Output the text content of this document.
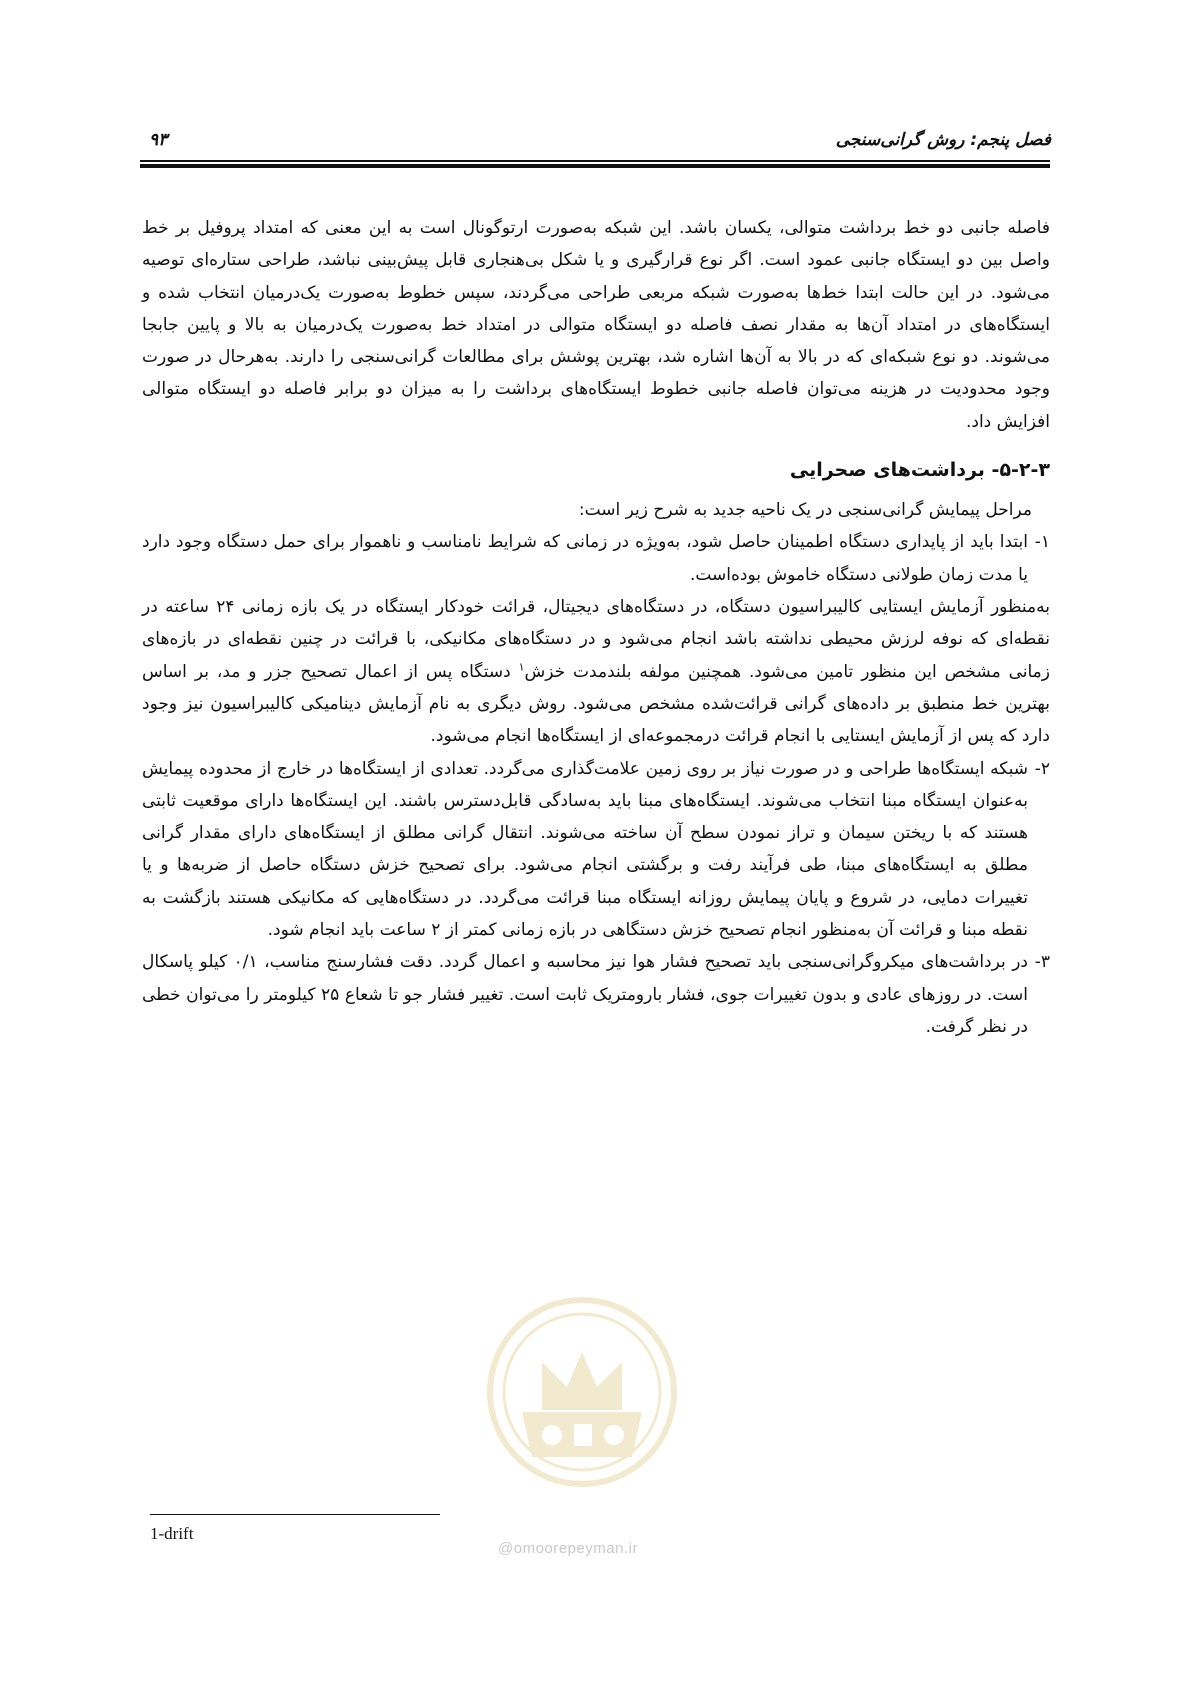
فصل پنجم: روش گرانی‌سنجی
۹۳

فاصله جانبی دو خط برداشت متوالی، یکسان باشد. این شبکه به‌صورت ارتوگونال است به این معنی که امتداد پروفیل بر خط واصل بین دو ایستگاه جانبی عمود است. اگر نوع قرارگیری و یا شکل بی‌هنجاری قابل پیش‌بینی نباشد، طراحی ستاره‌ای توصیه می‌شود. در این حالت ابتدا خط‌ها به‌صورت شبکه مربعی طراحی می‌گردند، سپس خطوط به‌صورت یک‌درمیان انتخاب شده و ایستگاه‌های در امتداد آن‌ها به مقدار نصف فاصله دو ایستگاه متوالی در امتداد خط به‌صورت یک‌درمیان به بالا و پایین جابجا می‌شوند. دو نوع شبکه‌ای که در بالا به آن‌ها اشاره شد، بهترین پوشش برای مطالعات گرانی‌سنجی را دارند. به‌هرحال در صورت وجود محدودیت در هزینه می‌توان فاصله جانبی خطوط ایستگاه‌های برداشت را به میزان دو برابر فاصله دو ایستگاه متوالی افزایش داد.

۵-۲-۳- برداشت‌های صحرایی

مراحل پیمایش گرانی‌سنجی در یک ناحیه جدید به شرح زیر است:

۱-

ابتدا باید از پایداری دستگاه اطمینان حاصل شود، به‌ویژه در زمانی که شرایط نامناسب و ناهموار برای حمل دستگاه وجود دارد یا مدت زمان طولانی دستگاه خاموش بوده‌است.

به‌منظور آزمایش ایستایی کالیبراسیون دستگاه، در دستگاه‌های دیجیتال، قرائت خودکار ایستگاه در یک بازه زمانی ۲۴ ساعته در نقطه‌ای که نوفه لرزش محیطی نداشته باشد انجام می‌شود و در دستگاه‌های مکانیکی، با قرائت در چنین نقطه‌ای در بازه‌های زمانی مشخص این منظور تامین می‌شود. همچنین مولفه بلندمدت خزش$^۱$ دستگاه پس از اعمال تصحیح جزر و مد، بر اساس بهترین خط منطبق بر داده‌های گرانی قرائت‌شده مشخص می‌شود. روش دیگری به نام آزمایش دینامیکی کالیبراسیون نیز وجود دارد که پس از آزمایش ایستایی با انجام قرائت درمجموعه‌ای از ایستگاه‌ها انجام می‌شود.

۲-

شبکه ایستگاه‌ها طراحی و در صورت نیاز بر روی زمین علامت‌گذاری می‌گردد. تعدادی از ایستگاه‌ها در خارج از محدوده پیمایش به‌عنوان ایستگاه مبنا انتخاب می‌شوند. ایستگاه‌های مبنا باید به‌سادگی قابل‌دسترس باشند. این ایستگاه‌ها دارای موقعیت ثابتی هستند که با ریختن سیمان و تراز نمودن سطح آن ساخته می‌شوند. انتقال گرانی مطلق از ایستگاه‌های دارای مقدار گرانی مطلق به ایستگاه‌های مبنا، طی فرآیند رفت و برگشتی انجام می‌شود. برای تصحیح خزش دستگاه حاصل از ضربه‌ها و یا تغییرات دمایی، در شروع و پایان پیمایش روزانه ایستگاه مبنا قرائت می‌گردد. در دستگاه‌هایی که مکانیکی هستند بازگشت به نقطه مبنا و قرائت آن به‌منظور انجام تصحیح خزش دستگاهی در بازه زمانی کمتر از ۲ ساعت باید انجام شود.

۳-

در برداشت‌های میکروگرانی‌سنجی باید تصحیح فشار هوا نیز محاسبه و اعمال گردد. دقت فشارسنج مناسب، ۰/۱ کیلو پاسکال است. در روزهای عادی و بدون تغییرات جوی، فشار بارومتریک ثابت است. تغییر فشار جو تا شعاع ۲۵ کیلومتر را می‌توان خطی در نظر گرفت.

@omoorepeyman.ir
1-drift
